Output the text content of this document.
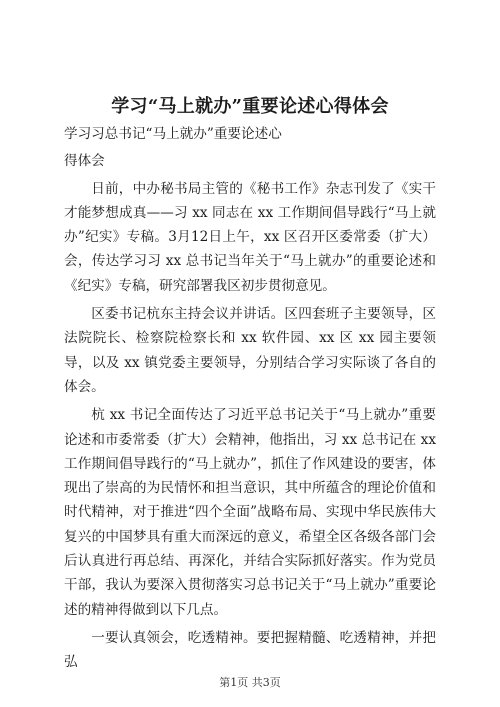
学习“马上就办”重要论述心得体会

学习习总书记“马上就办”重要论述心

得体会

日前，中办秘书局主管的《秘书工作》杂志刊发了《实干才能梦想成真——习 xx 同志在 xx 工作期间倡导践行“马上就办”纪实》专稿。3月12日上午，xx 区召开区委常委（扩大）会，传达学习习 xx 总书记当年关于“马上就办”的重要论述和《纪实》专稿，研究部署我区初步贯彻意见。

区委书记杭东主持会议并讲话。区四套班子主要领导，区法院院长、检察院检察长和 xx 软件园、xx 区 xx 园主要领导，以及 xx 镇党委主要领导，分别结合学习实际谈了各自的体会。

杭 xx 书记全面传达了习近平总书记关于“马上就办”重要论述和市委常委（扩大）会精神，他指出，习 xx 总书记在 xx 工作期间倡导践行的“马上就办”，抓住了作风建设的要害，体现出了崇高的为民情怀和担当意识，其中所蕴含的理论价值和时代精神，对于推进“四个全面”战略布局、实现中华民族伟大复兴的中国梦具有重大而深远的意义，希望全区各级各部门会后认真进行再总结、再深化，并结合实际抓好落实。作为党员干部，我认为要深入贯彻落实习总书记关于“马上就办”重要论述的精神得做到以下几点。

一要认真领会，吃透精神。要把握精髓、吃透精神，并把弘

第1页 共3页
